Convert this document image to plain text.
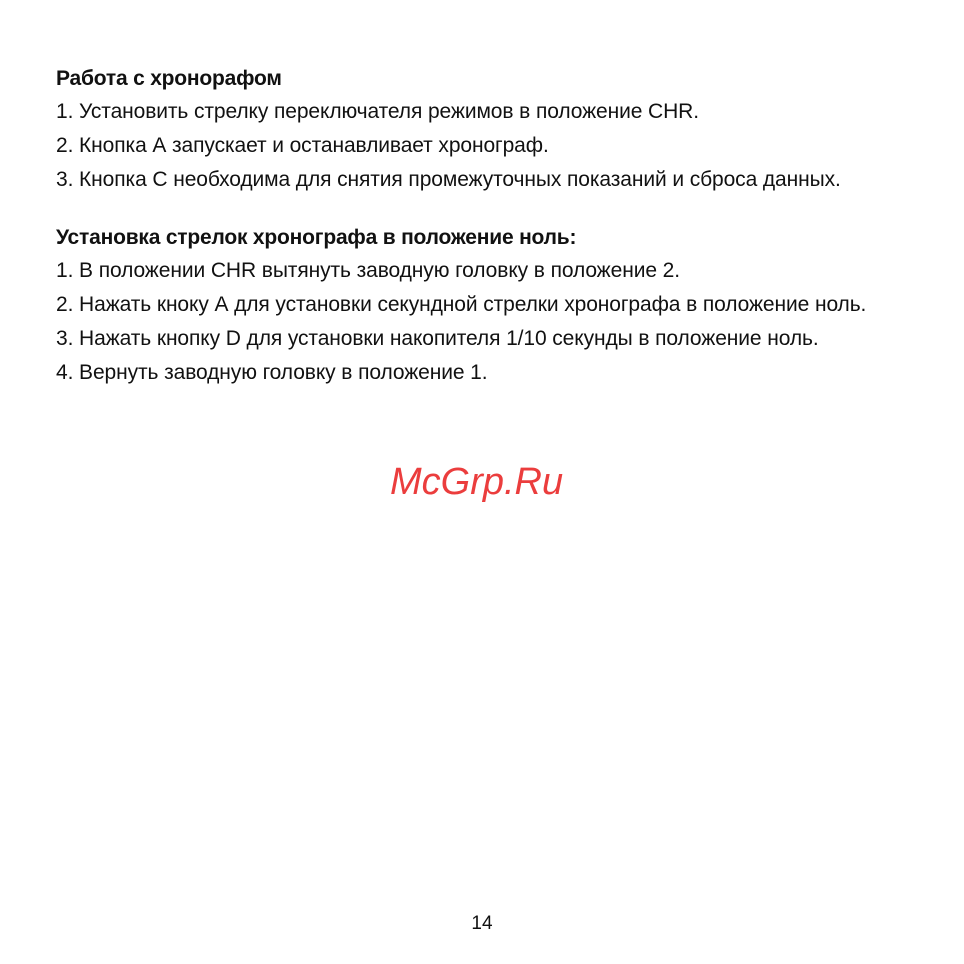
Работа с хронорафом

1. Установить стрелку переключателя режимов в положение CHR.

2. Кнопка А запускает и останавливает хронограф.

3. Кнопка С необходима для снятия промежуточных показаний и сброса данных.

Установка стрелок хронографа в положение ноль:

1. В положении CHR вытянуть заводную головку в положение 2.

2. Нажать кноку А для установки секундной стрелки хронографа в положение ноль.

3. Нажать кнопку D для установки накопителя 1/10 секунды в положение ноль.

4. Вернуть заводную головку в положение 1.

McGrp.Ru
14
